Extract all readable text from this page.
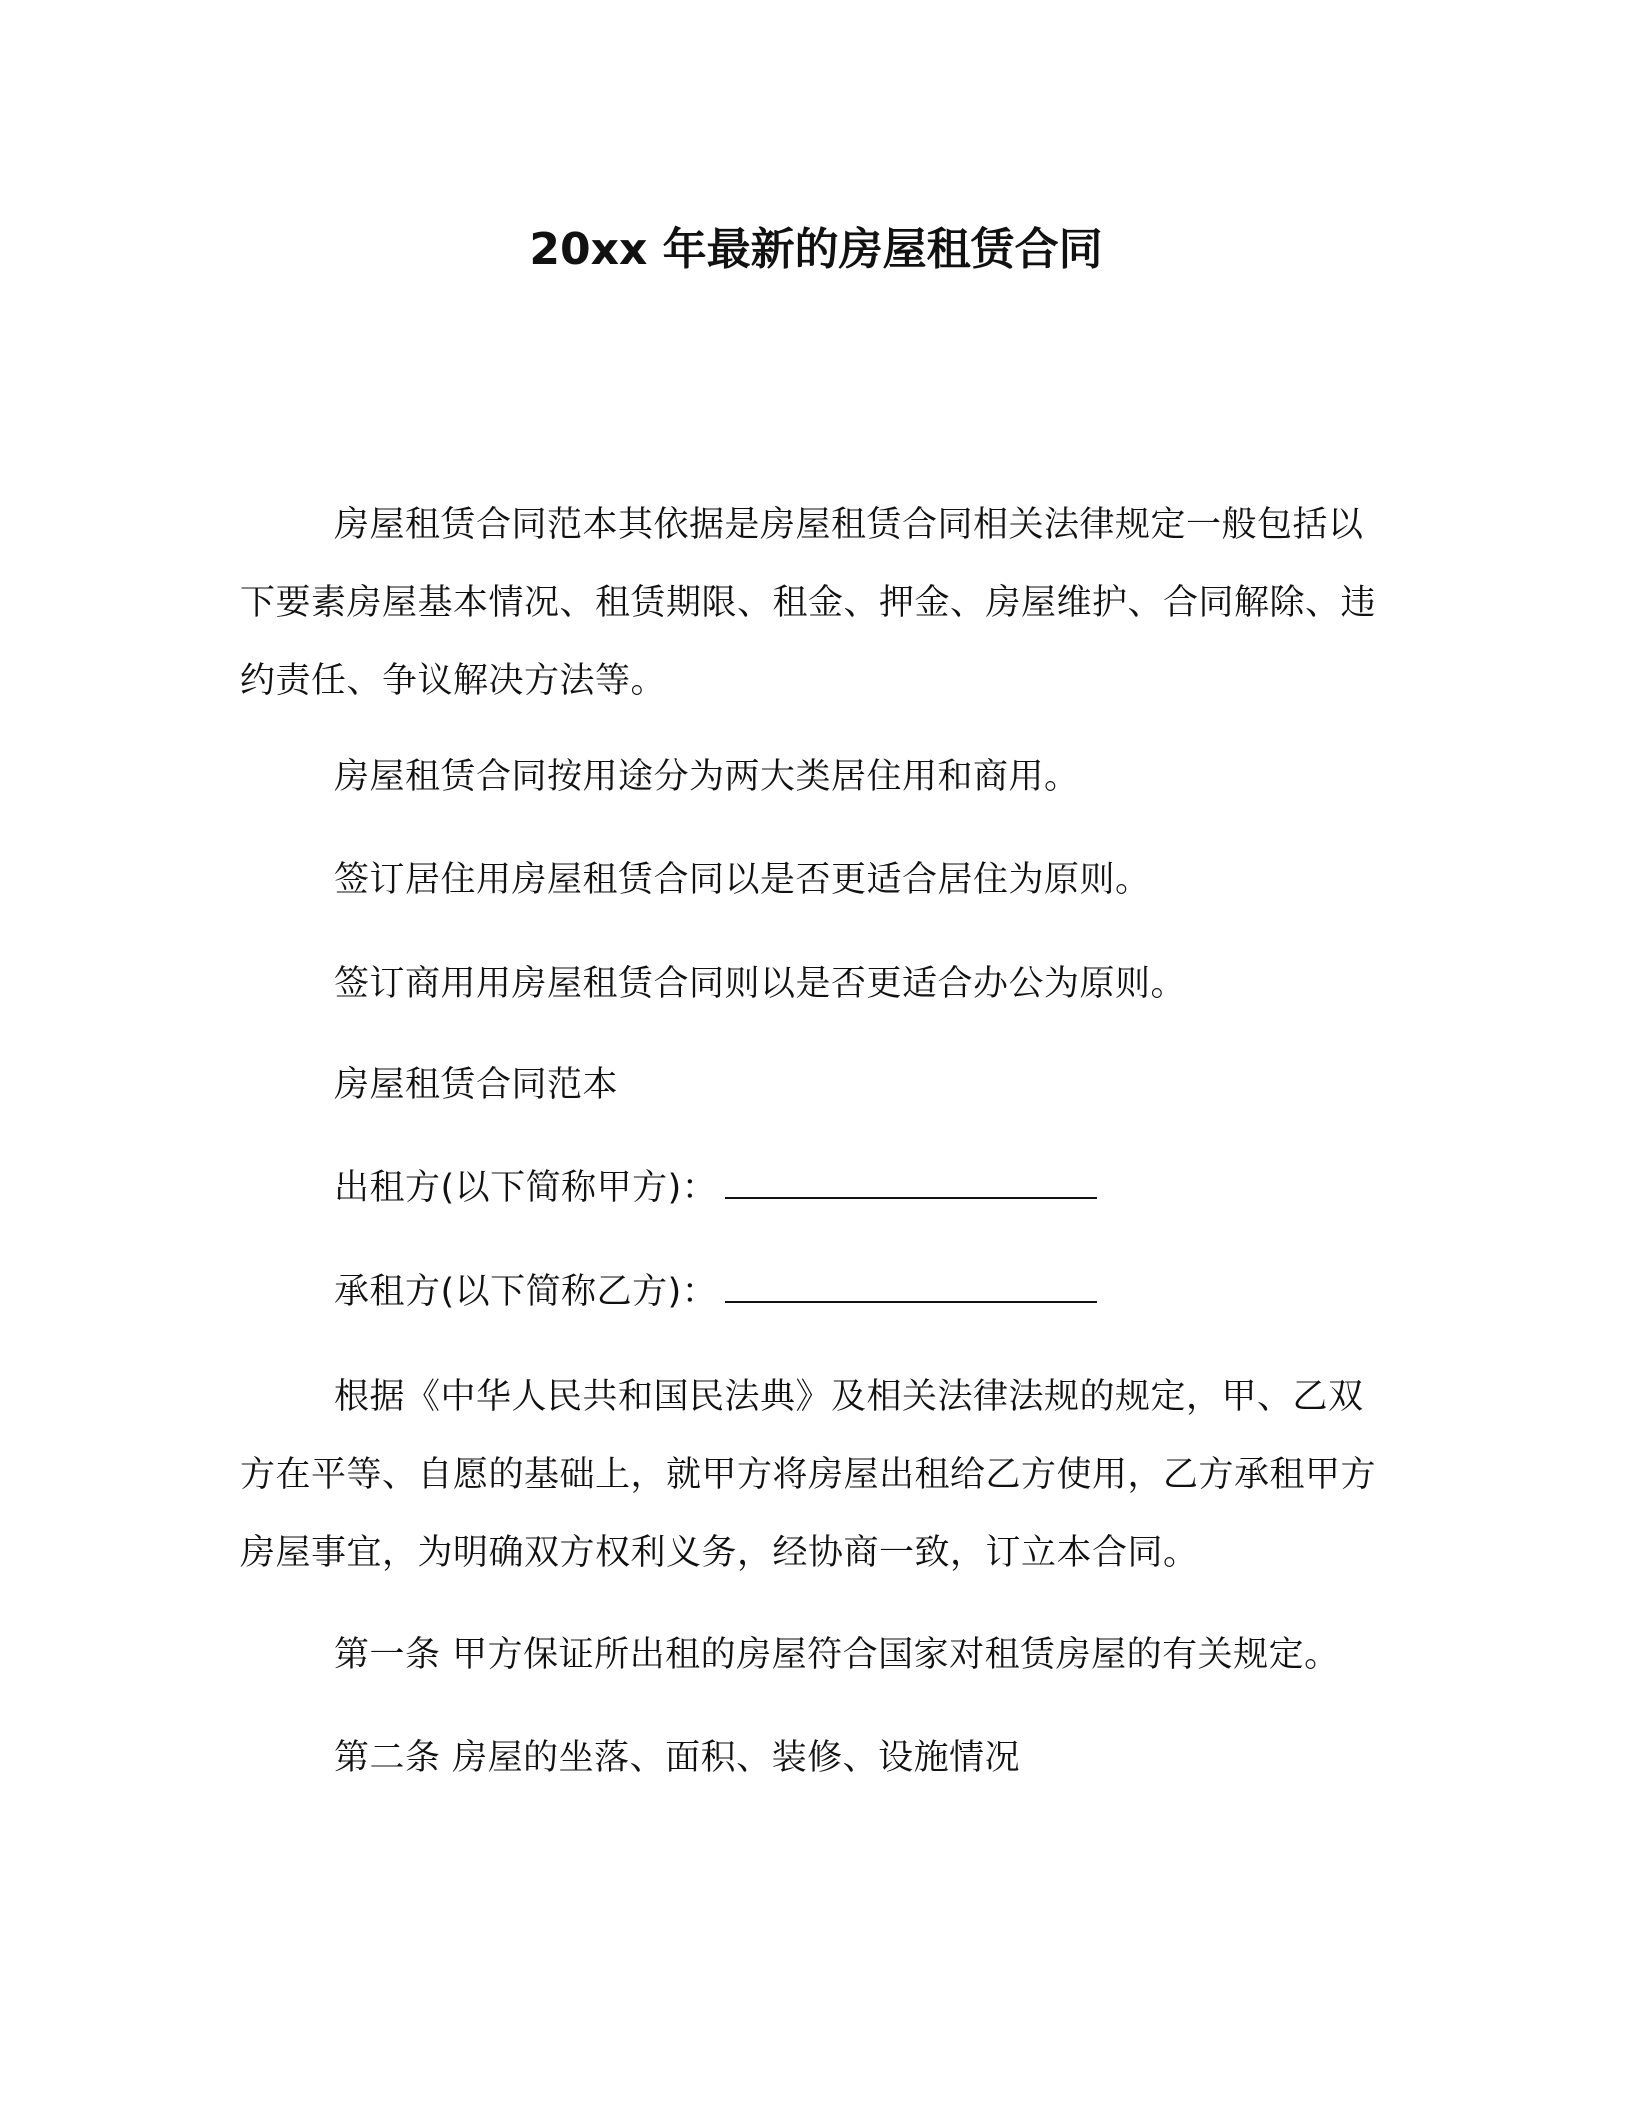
20xx 年最新的房屋租赁合同

房屋租赁合同范本其依据是房屋租赁合同相关法律规定一般包括以下要素房屋基本情况、租赁期限、租金、押金、房屋维护、合同解除、违约责任、争议解决方法等。

房屋租赁合同按用途分为两大类居住用和商用。

签订居住用房屋租赁合同以是否更适合居住为原则。

签订商用用房屋租赁合同则以是否更适合办公为原则。

房屋租赁合同范本

出租方(以下简称甲方)：

承租方(以下简称乙方)：

根据《中华人民共和国民法典》及相关法律法规的规定，甲、乙双方在平等、自愿的基础上，就甲方将房屋出租给乙方使用，乙方承租甲方房屋事宜，为明确双方权利义务，经协商一致，订立本合同。

第一条 甲方保证所出租的房屋符合国家对租赁房屋的有关规定。

第二条 房屋的坐落、面积、装修、设施情况
